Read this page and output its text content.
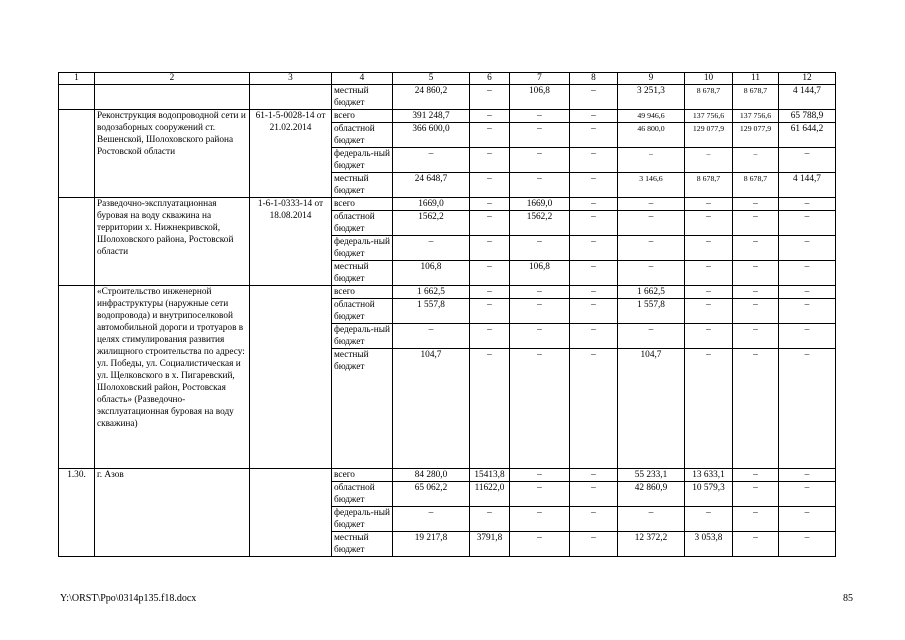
1	2	3	4	5	6	7	8	9	10	11	12
			местный бюджет	24 860,2	–	106,8	–	3 251,3	8 678,7	8 678,7	4 144,7
	Реконструкция водопроводной сети и водозаборных сооружений ст. Вешенской, Шолоховского района Ростовской области	61-1-5-0028-14 от 21.02.2014	всего	391 248,7	–	–	–	49 946,6	137 756,6	137 756,6	65 788,9
			областной бюджет	366 600,0	–	–	–	46 800,0	129 077,9	129 077,9	61 644,2
			федераль-ный бюджет	–	–	–	–	–	–	–	–
			местный бюджет	24 648,7	–	–	–	3 146,6	8 678,7	8 678,7	4 144,7
	Разведочно-эксплуатационная буровая на воду скважина на территории х. Нижнекривской, Шолоховского района, Ростовской области	1-6-1-0333-14 от 18.08.2014	всего	1669,0	–	1669,0	–	–	–	–	–
			областной бюджет	1562,2	–	1562,2	–	–	–	–	–
			федераль-ный бюджет	–	–	–	–	–	–	–	–
			местный бюджет	106,8	–	106,8	–	–	–	–	–
	«Строительство инженерной инфраструктуры (наружные сети водопровода) и внутрипоселковой автомобильной дороги и тротуаров в целях стимулирования развития жилищного строительства по адресу: ул. Победы, ул. Социалистическая и ул. Щелковского в х. Пигаревский, Шолоховский район, Ростовская область» (Разведочно-эксплуатационная буровая на воду скважина)		всего	1 662,5	–	–	–	1 662,5	–	–	–
			областной бюджет	1 557,8	–	–	–	1 557,8	–	–	–
			федераль-ный бюджет	–	–	–	–	–	–	–	–
			местный бюджет	104,7	–	–	–	104,7	–	–	–
1.30.	г. Азов		всего	84 280,0	15413,8	–	–	55 233,1	13 633,1	–	–
			областной бюджет	65 062,2	11622,0	–	–	42 860,9	10 579,3	–	–
			федераль-ный бюджет	–	–	–	–	–	–	–	–
			местный бюджет	19 217,8	3791,8	–	–	12 372,2	3 053,8	–	–
Y:\ORST\Ppo\0314p135.f18.docx	85
